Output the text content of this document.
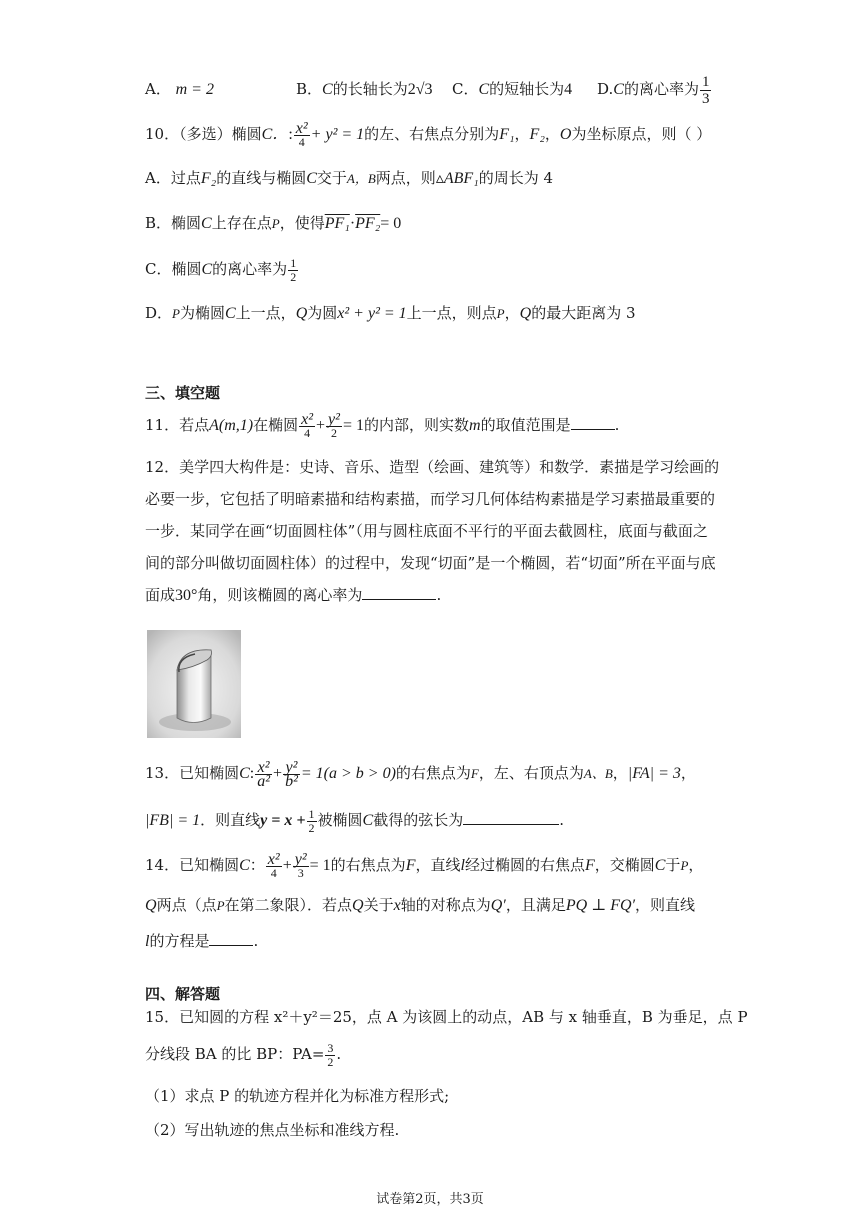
A． m = 2	B．C的长轴长为2√3 C．C的短轴长为4 D.C的离心率为 $\frac{1}{3}$
10．（多选）椭圆C．: $\frac{\text{x²}}{4} + y^2 = 1$的左、右焦点分别为F₁，F₂，O为坐标原点，则（ ）
A．过点F₂的直线与椭圆C交于A，B两点，则▵ABF₁的周长为 4
B．椭圆C上存在点P，使得PF₁·PF₂= 0
C．椭圆C的离心率为 $\frac{1}{2}$
D．P为椭圆C上一点，Q为圆x² + y² = 1上一点，则点P，Q的最大距离为 3
三、填空题
11．若点A(m,1)在椭圆 $\frac{\text{x²}}{4} + \frac{\text{y²}}{2} = 1$的内部，则实数m的取值范围是	.
12．美学四大构件是：史诗、音乐、造型（绘画、建筑等）和数学．素描是学习绘画的
必要一步，它包括了明暗素描和结构素描，而学习几何体结构素描是学习素描最重要的
一步．某同学在画“切面圆柱体”（用与圆柱底面不平行的平面去截圆柱，底面与截面之
间的部分叫做切面圆柱体）的过程中，发现“切面”是一个椭圆，若“切面”所在平面与底
面成30°角，则该椭圆的离心率为	.
13．已知椭圆C: $\frac{\text{x²}}{\text{a²}} + \frac{\text{y²}}{\text{b²}} = 1(a > b > 0)$的右焦点为F，左、右顶点为A、B，|FA| = 3，
|FB| = 1．则直线$y = x + \frac{1}{2}$ 被椭圆C截得的弦长为	.
14．已知椭圆C： $\frac{\text{x²}}{4} + \frac{\text{y²}}{3} = 1$的右焦点为F，直线l经过椭圆的右焦点F，交椭圆C于P，
Q两点（点P在第二象限）．若点Q关于x轴的对称点为Q′，且满足PQ ⊥ FQ′，则直线
l的方程是	.
四、解答题
15．已知圆的方程 x²＋y²＝25，点 A 为该圆上的动点，AB 与 x 轴垂直，B 为垂足，点 P
分线段 BA 的比 BP：$PA= \frac{3}{2}$ .
（1）求点 P 的轨迹方程并化为标准方程形式;
（2）写出轨迹的焦点坐标和准线方程.
试卷第2页，共3页
